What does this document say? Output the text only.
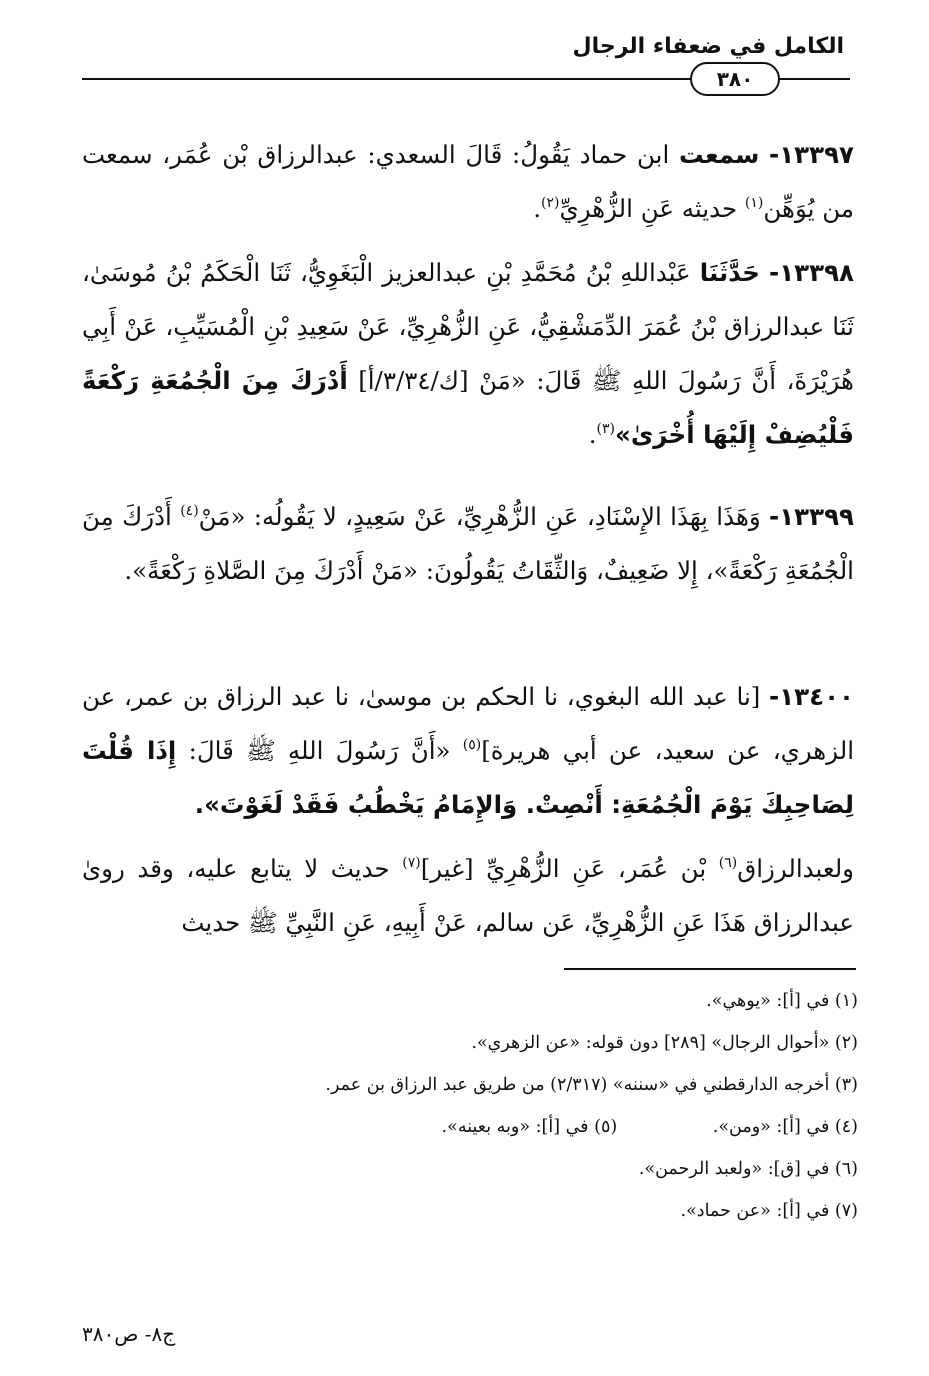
الكامل في ضعفاء الرجال
٣٨٠
١٣٣٩٧- سمعت ابن حماد يَقُولُ: قَالَ السعدي: عبدالرزاق بْن عُمَر، سمعت من يُوَهِّن$^{(١)}$ حديثه عَنِ الزُّهْرِيِّ$^{(٢)}$.
١٣٣٩٨- حَدَّثَنَا عَبْداللهِ بْنُ مُحَمَّدِ بْنِ عبدالعزيز الْبَغَوِيُّ، ثَنَا الْحَكَمُ بْنُ مُوسَىٰ، ثَنَا عبدالرزاق بْنُ عُمَرَ الدِّمَشْقِيُّ، عَنِ الزُّهْرِيِّ، عَنْ سَعِيدِ بْنِ الْمُسَيِّبِ، عَنْ أَبِي هُرَيْرَةَ، أَنَّ رَسُولَ اللهِ ﷺ قَالَ: «مَنْ [ك/٣/٣٤/أ] أَدْرَكَ مِنَ الْجُمُعَةِ رَكْعَةً فَلْيُضِفْ إِلَيْهَا أُخْرَىٰ»$^{(٣)}$.
١٣٣٩٩- وَهَذَا بِهَذَا الإِسْنَادِ، عَنِ الزُّهْرِيِّ، عَنْ سَعِيدٍ، لا يَقُولُه: «مَنْ$^{(٤)}$ أَدْرَكَ مِنَ الْجُمُعَةِ رَكْعَةً»، إِلا ضَعِيفٌ، وَالثِّقَاتُ يَقُولُونَ: «مَنْ أَدْرَكَ مِنَ الصَّلاةِ رَكْعَةً».
١٣٤٠٠- [نا عبد الله البغوي، نا الحكم بن موسىٰ، نا عبد الرزاق بن عمر، عن الزهري، عن سعيد، عن أبي هريرة]$^{(٥)}$ «أَنَّ رَسُولَ اللهِ ﷺ قَالَ: إِذَا قُلْتَ لِصَاحِبِكَ يَوْمَ الْجُمُعَةِ: أَنْصِتْ. وَالإِمَامُ يَخْطُبُ فَقَدْ لَغَوْتَ».
ولعبدالرزاق$^{(٦)}$ بْن عُمَر، عَنِ الزُّهْرِيِّ [غير]$^{(٧)}$ حديث لا يتابع عليه، وقد روىٰ عبدالرزاق هَذَا عَنِ الزُّهْرِيِّ، عَن سالم، عَنْ أَبِيهِ، عَنِ النَّبِيِّ ﷺ حديث
(١) في [أ]: «يوهي».
(٢) «أحوال الرجال» [٢٨٩] دون قوله: «عن الزهري».
(٣) أخرجه الدارقطني في «سننه» (٢/٣١٧) من طريق عبد الرزاق بن عمر.
(٤) في [أ]: «ومن». (٥) في [أ]: «وبه بعينه».
(٦) في [ق]: «ولعبد الرحمن».
(٧) في [أ]: «عن حماد».
ج٨- ص٣٨٠
